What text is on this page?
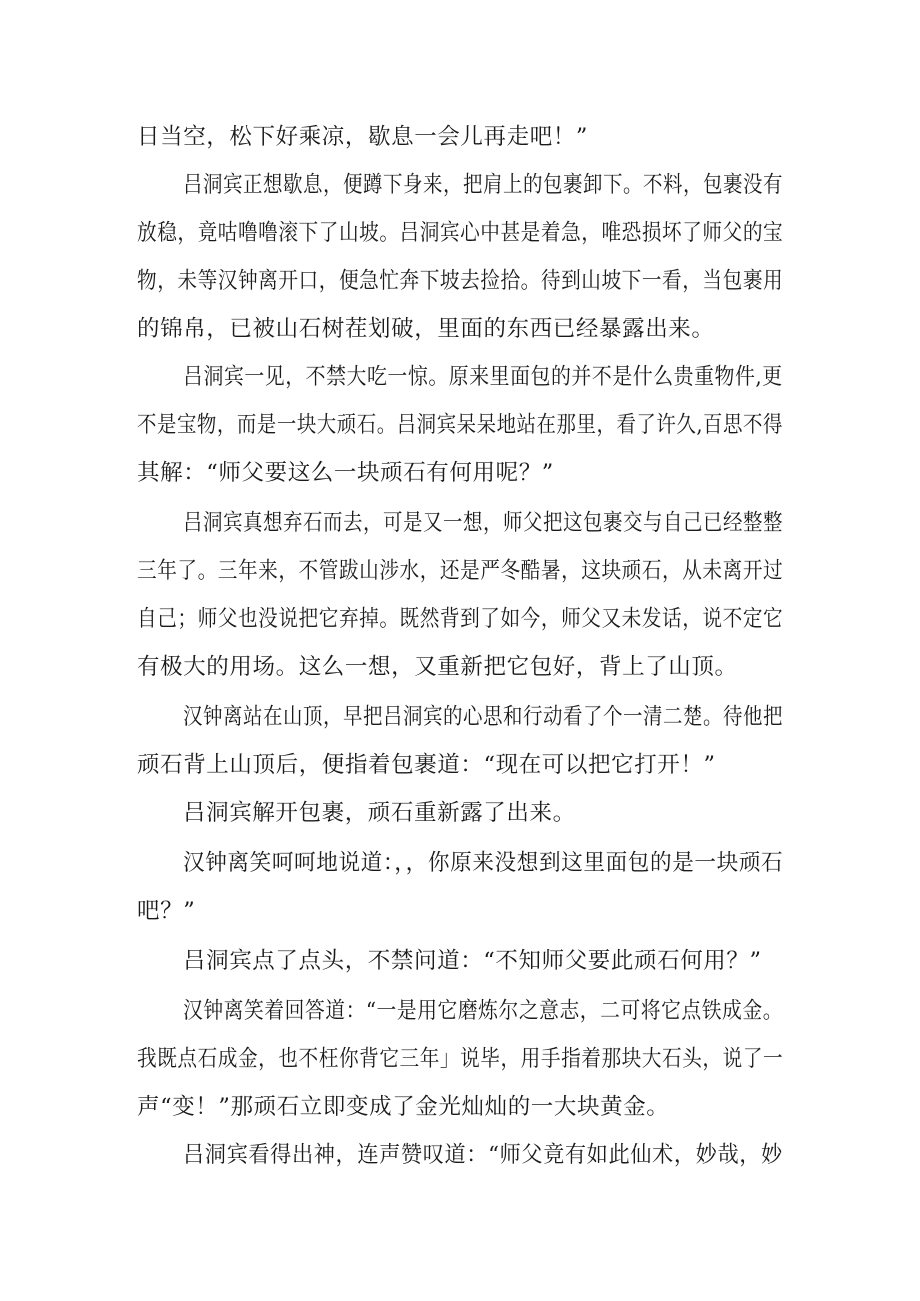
日当空，松下好乘凉，歇息一会儿再走吧！”
吕洞宾正想歇息，便蹲下身来，把肩上的包裹卸下。不料，包裹没有
放稳，竟咕噜噜滚下了山坡。吕洞宾心中甚是着急，唯恐损坏了师父的宝
物，未等汉钟离开口，便急忙奔下坡去捡拾。待到山坡下一看，当包裹用
的锦帛，已被山石树茬划破，里面的东西已经暴露出来。
吕洞宾一见，不禁大吃一惊。原来里面包的并不是什么贵重物件,更
不是宝物，而是一块大顽石。吕洞宾呆呆地站在那里，看了许久,百思不得
其解：“师父要这么一块顽石有何用呢？”
吕洞宾真想弃石而去，可是又一想，师父把这包裹交与自己已经整整
三年了。三年来，不管跋山涉水，还是严冬酷暑，这块顽石，从未离开过
自己；师父也没说把它弃掉。既然背到了如今，师父又未发话，说不定它
有极大的用场。这么一想，又重新把它包好，背上了山顶。
汉钟离站在山顶，早把吕洞宾的心思和行动看了个一清二楚。待他把
顽石背上山顶后，便指着包裹道：“现在可以把它打开！”
吕洞宾解开包裹，顽石重新露了出来。
汉钟离笑呵呵地说道：，，你原来没想到这里面包的是一块顽石
吧？”
吕洞宾点了点头，不禁问道：“不知师父要此顽石何用？”
汉钟离笑着回答道：“一是用它磨炼尔之意志，二可将它点铁成金。
我既点石成金，也不枉你背它三年」说毕，用手指着那块大石头，说了一
声“变！”那顽石立即变成了金光灿灿的一大块黄金。
吕洞宾看得出神，连声赞叹道：“师父竟有如此仙术，妙哉，妙
